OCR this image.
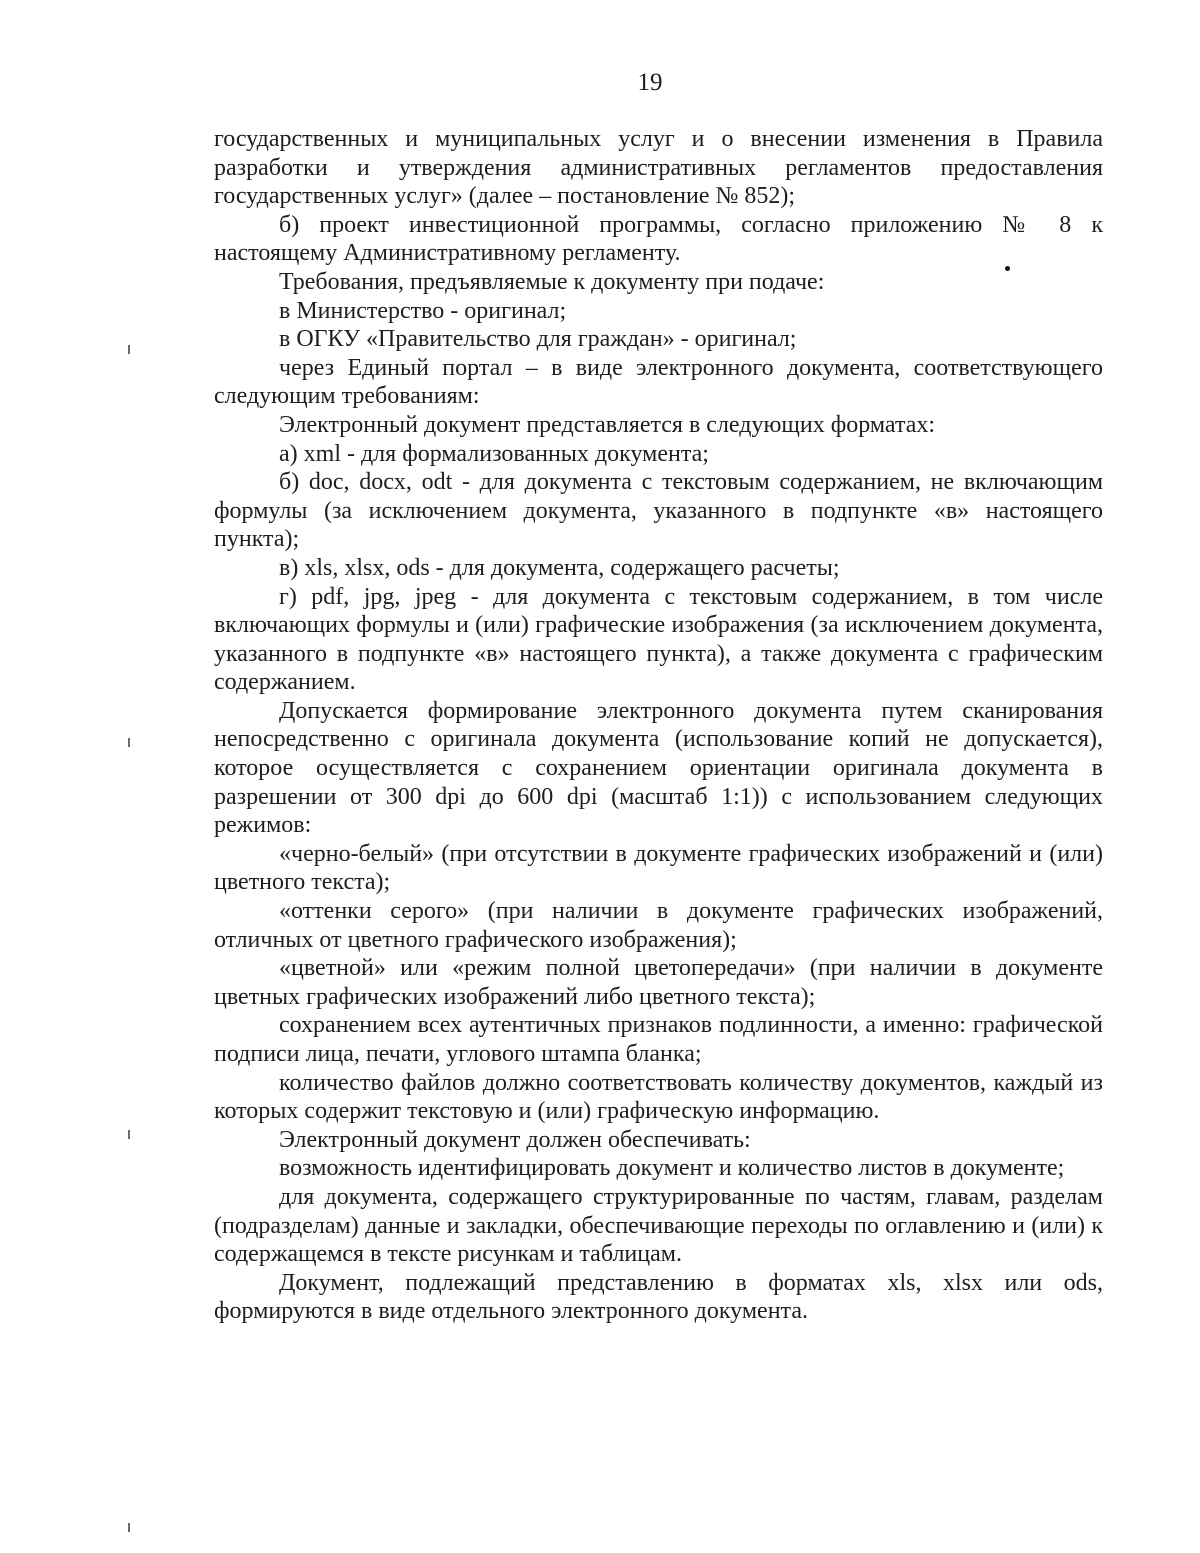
19

государственных и муниципальных услуг и о внесении изменения в Правила разработки и утверждения административных регламентов предоставления государственных услуг» (далее – постановление № 852);

б) проект инвестиционной программы, согласно приложению № 8 к настоящему Административному регламенту.

Требования, предъявляемые к документу при подаче:

в Министерство - оригинал;

в ОГКУ «Правительство для граждан» - оригинал;

через Единый портал – в виде электронного документа, соответствующего следующим требованиям:

Электронный документ представляется в следующих форматах:

а) xml - для формализованных документа;

б) doc, docx, odt - для документа с текстовым содержанием, не включающим формулы (за исключением документа, указанного в подпункте «в» настоящего пункта);

в) xls, xlsx, ods - для документа, содержащего расчеты;

г) pdf, jpg, jpeg - для документа с текстовым содержанием, в том числе включающих формулы и (или) графические изображения (за исключением документа, указанного в подпункте «в» настоящего пункта), а также документа с графическим содержанием.

Допускается формирование электронного документа путем сканирования непосредственно с оригинала документа (использование копий не допускается), которое осуществляется с сохранением ориентации оригинала документа в разрешении от 300 dpi до 600 dpi (масштаб 1:1)) с использованием следующих режимов:

«черно-белый» (при отсутствии в документе графических изображений и (или) цветного текста);

«оттенки серого» (при наличии в документе графических изображений, отличных от цветного графического изображения);

«цветной» или «режим полной цветопередачи» (при наличии в документе цветных графических изображений либо цветного текста);

сохранением всех аутентичных признаков подлинности, а именно: графической подписи лица, печати, углового штампа бланка;

количество файлов должно соответствовать количеству документов, каждый из которых содержит текстовую и (или) графическую информацию.

Электронный документ должен обеспечивать:

возможность идентифицировать документ и количество листов в документе;

для документа, содержащего структурированные по частям, главам, разделам (подразделам) данные и закладки, обеспечивающие переходы по оглавлению и (или) к содержащемся в тексте рисункам и таблицам.

Документ, подлежащий представлению в форматах xls, xlsx или ods, формируются в виде отдельного электронного документа.
